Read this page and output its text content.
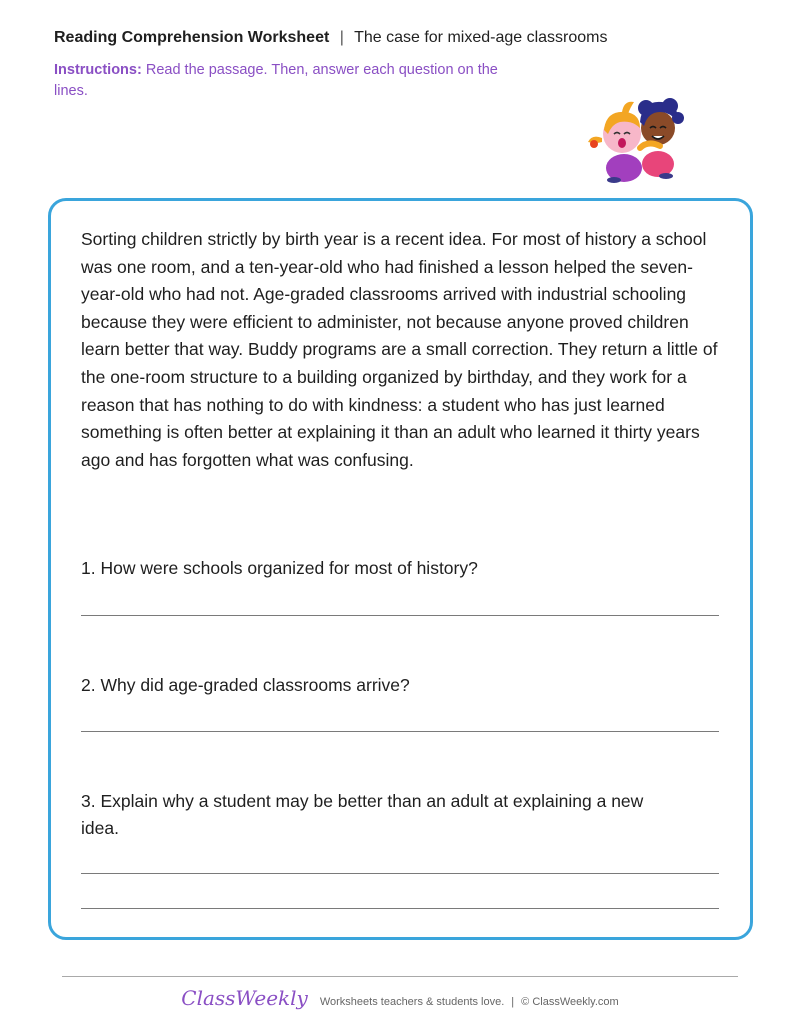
Reading Comprehension Worksheet | The case for mixed-age classrooms
Instructions: Read the passage. Then, answer each question on the lines.

Sorting children strictly by birth year is a recent idea. For most of history a school was one room, and a ten-year-old who had finished a lesson helped the seven-year-old who had not. Age-graded classrooms arrived with industrial schooling because they were efficient to administer, not because anyone proved children learn better that way. Buddy programs are a small correction. They return a little of the one-room structure to a building organized by birthday, and they work for a reason that has nothing to do with kindness: a student who has just learned something is often better at explaining it than an adult who learned it thirty years ago and has forgotten what was confusing.

1. How were schools organized for most of history?

2. Why did age-graded classrooms arrive?

3. Explain why a student may be better than an adult at explaining a new idea.

ClassWeekly Worksheets teachers & students love. | © ClassWeekly.com
